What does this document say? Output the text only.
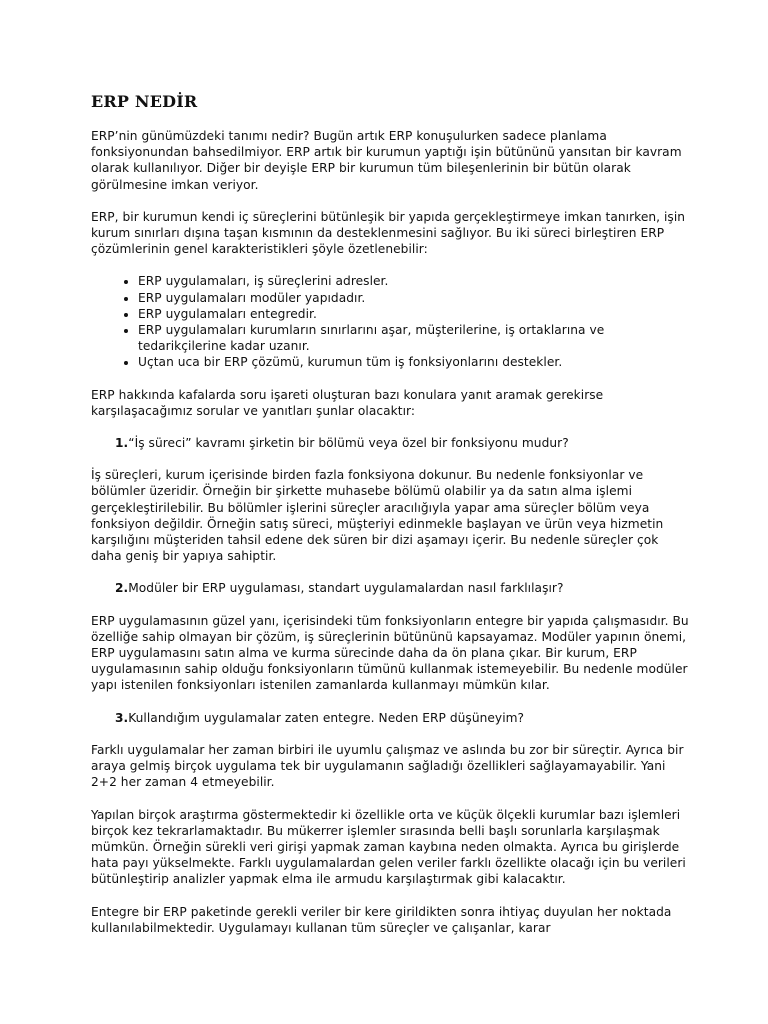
ERP NEDİR

ERP’nin günümüzdeki tanımı nedir? Bugün artık ERP konuşulurken sadece planlama fonksiyonundan bahsedilmiyor. ERP artık bir kurumun yaptığı işin bütününü yansıtan bir kavram olarak kullanılıyor. Diğer bir deyişle ERP bir kurumun tüm bileşenlerinin bir bütün olarak görülmesine imkan veriyor.

ERP, bir kurumun kendi iç süreçlerini bütünleşik bir yapıda gerçekleştirmeye imkan tanırken, işin kurum sınırları dışına taşan kısmının da desteklenmesini sağlıyor. Bu iki süreci birleştiren ERP çözümlerinin genel karakteristikleri şöyle özetlenebilir:

• ERP uygulamaları, iş süreçlerini adresler.
• ERP uygulamaları modüler yapıdadır.
• ERP uygulamaları entegredir.
• ERP uygulamaları kurumların sınırlarını aşar, müşterilerine, iş ortaklarına ve tedarikçilerine kadar uzanır.
• Uçtan uca bir ERP çözümü, kurumun tüm iş fonksiyonlarını destekler.

ERP hakkında kafalarda soru işareti oluşturan bazı konulara yanıt aramak gerekirse karşılaşacağımız sorular ve yanıtları şunlar olacaktır:

1.“İş süreci” kavramı şirketin bir bölümü veya özel bir fonksiyonu mudur?

İş süreçleri, kurum içerisinde birden fazla fonksiyona dokunur. Bu nedenle fonksiyonlar ve bölümler üzeridir. Örneğin bir şirkette muhasebe bölümü olabilir ya da satın alma işlemi gerçekleştirilebilir. Bu bölümler işlerini süreçler aracılığıyla yapar ama süreçler bölüm veya fonksiyon değildir. Örneğin satış süreci, müşteriyi edinmekle başlayan ve ürün veya hizmetin karşılığını müşteriden tahsil edene dek süren bir dizi aşamayı içerir. Bu nedenle süreçler çok daha geniş bir yapıya sahiptir.

2.Modüler bir ERP uygulaması, standart uygulamalardan nasıl farklılaşır?

ERP uygulamasının güzel yanı, içerisindeki tüm fonksiyonların entegre bir yapıda çalışmasıdır. Bu özelliğe sahip olmayan bir çözüm, iş süreçlerinin bütününü kapsayamaz. Modüler yapının önemi, ERP uygulamasını satın alma ve kurma sürecinde daha da ön plana çıkar. Bir kurum, ERP uygulamasının sahip olduğu fonksiyonların tümünü kullanmak istemeyebilir. Bu nedenle modüler yapı istenilen fonksiyonları istenilen zamanlarda kullanmayı mümkün kılar.

3.Kullandığım uygulamalar zaten entegre. Neden ERP düşüneyim?

Farklı uygulamalar her zaman birbiri ile uyumlu çalışmaz ve aslında bu zor bir süreçtir. Ayrıca bir araya gelmiş birçok uygulama tek bir uygulamanın sağladığı özellikleri sağlayamayabilir. Yani 2+2 her zaman 4 etmeyebilir.

Yapılan birçok araştırma göstermektedir ki özellikle orta ve küçük ölçekli kurumlar bazı işlemleri birçok kez tekrarlamaktadır. Bu mükerrer işlemler sırasında belli başlı sorunlarla karşılaşmak mümkün. Örneğin sürekli veri girişi yapmak zaman kaybına neden olmakta. Ayrıca bu girişlerde hata payı yükselmekte. Farklı uygulamalardan gelen veriler farklı özellikte olacağı için bu verileri bütünleştirip analizler yapmak elma ile armudu karşılaştırmak gibi kalacaktır.

Entegre bir ERP paketinde gerekli veriler bir kere girildikten sonra ihtiyaç duyulan her noktada kullanılabilmektedir. Uygulamayı kullanan tüm süreçler ve çalışanlar, karar
